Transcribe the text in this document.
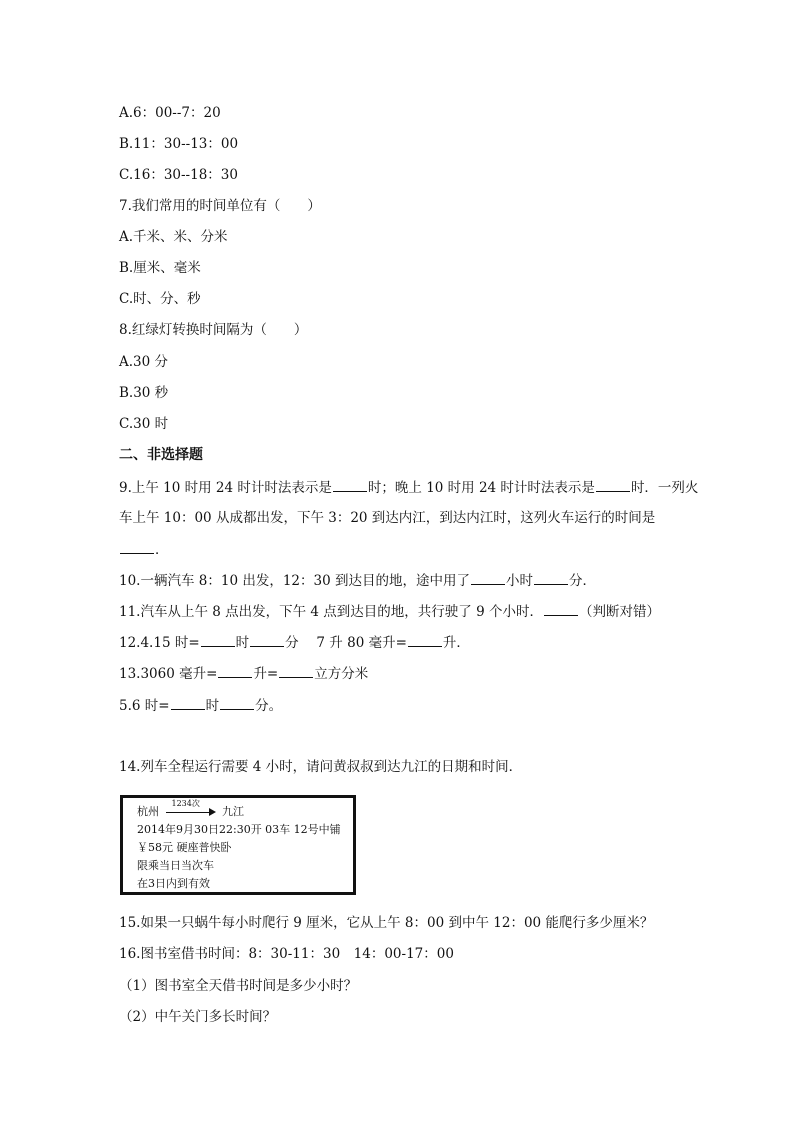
A.6：00--7：20
B.11：30--13：00
C.16：30--18：30
7.我们常用的时间单位有（　　）
A.千米、米、分米
B.厘米、毫米
C.时、分、秒
8.红绿灯转换时间隔为（　　）
A.30 分
B.30 秒
C.30 时
二、非选择题
9.上午 10 时用 24 时计时法表示是	时；晚上 10 时用 24 时计时法表示是	时．一列火
车上午 10：00 从成都出发，下午 3：20 到达内江，到达内江时，这列火车运行的时间是
．
10.一辆汽车 8：10 出发，12：30 到达目的地，途中用了	小时	分．
11.汽车从上午 8 点出发，下午 4 点到达目的地，共行驶了 9 个小时．	（判断对错）
12.4.15 时=	时	分　 7 升 80 毫升=	升．
13.3060 毫升=	升=	立方分米
5.6 时=	时	分。
14.列车全程运行需要 4 小时，请问黄叔叔到达九江的日期和时间．
杭州
1234次
九江
2014年9月30日22:30开 03车 12号中铺
￥58元 硬座普快卧
限乘当日当次车
在3日内到有效
15.如果一只蜗牛每小时爬行 9 厘米，它从上午 8：00 到中午 12：00 能爬行多少厘米？
16.图书室借书时间：8：30-11：30　14：00-17：00
（1）图书室全天借书时间是多少小时？
（2）中午关门多长时间？
